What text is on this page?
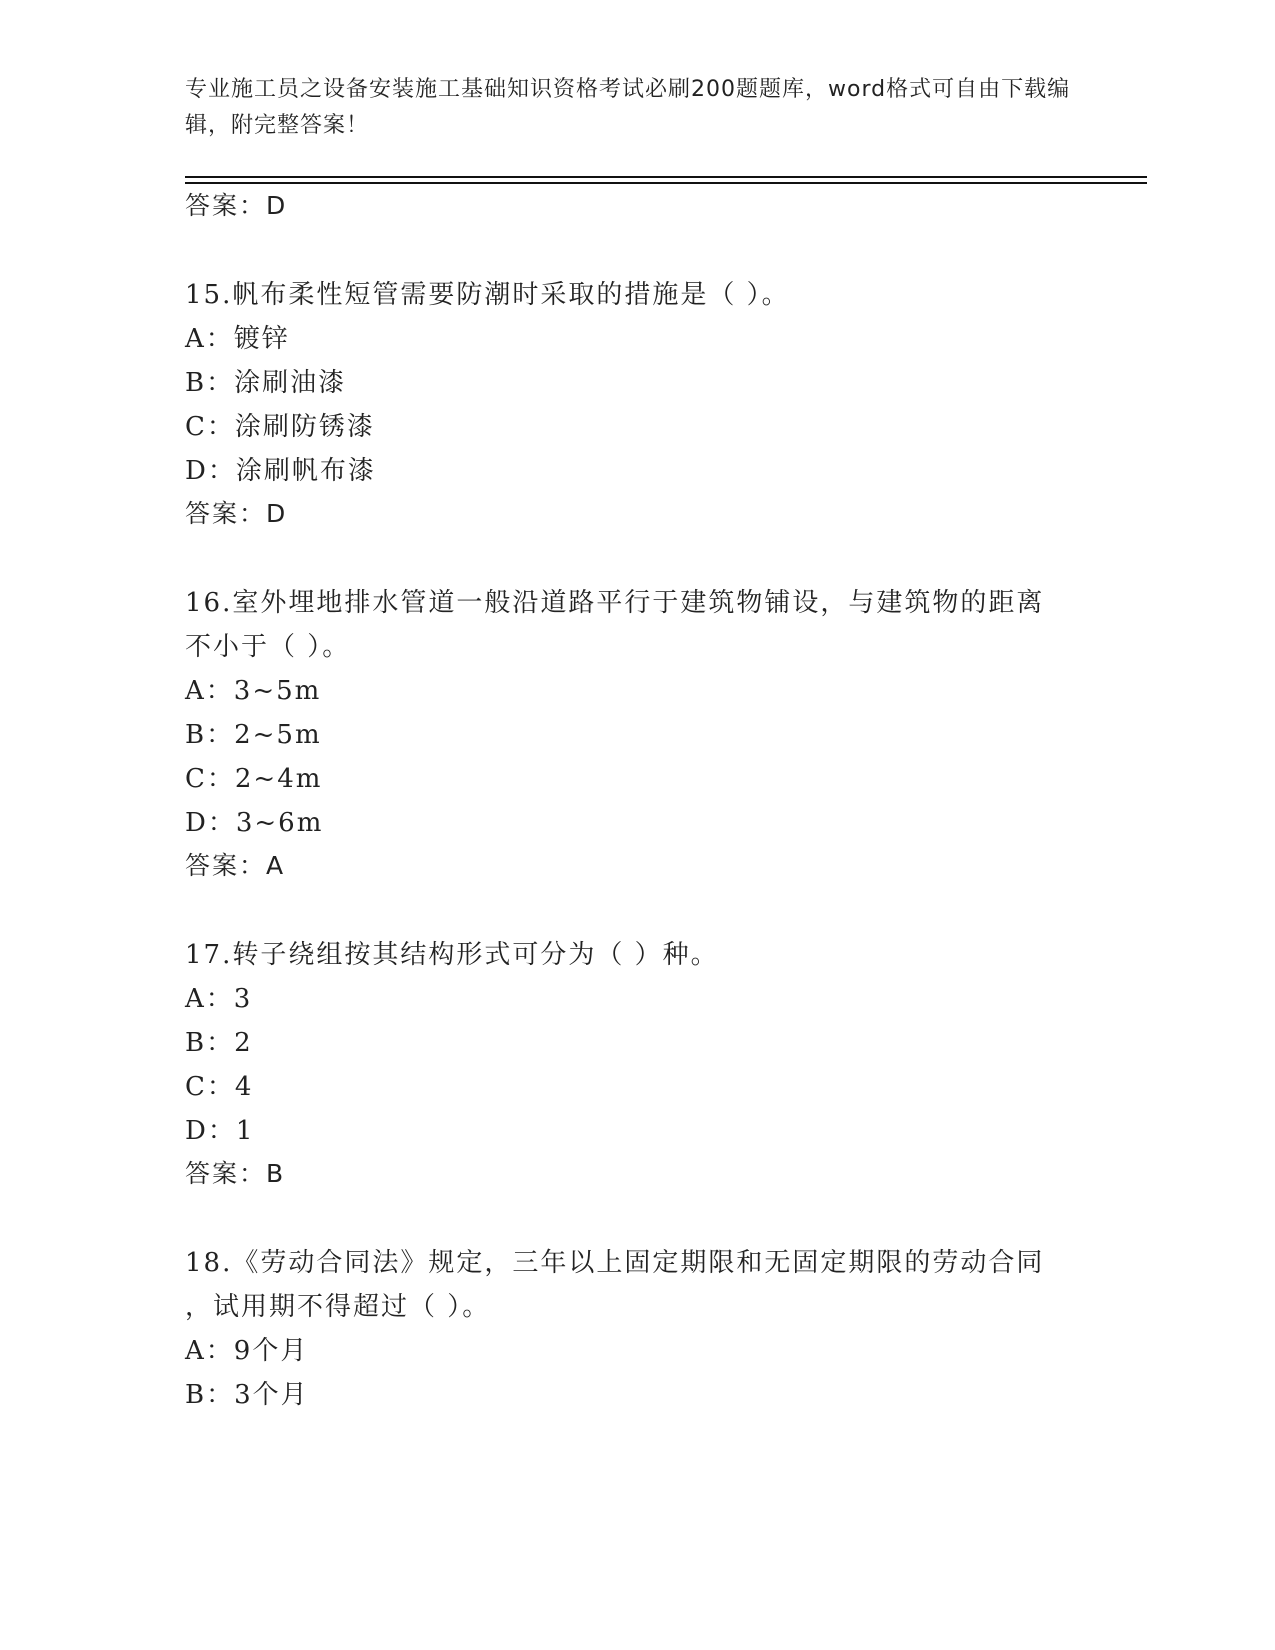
专业施工员之设备安装施工基础知识资格考试必刷200题题库，word格式可自由下载编辑，附完整答案！

答案：D

15.帆布柔性短管需要防潮时采取的措施是（ ）。

A：镀锌

B：涂刷油漆

C：涂刷防锈漆

D：涂刷帆布漆

答案：D

16.室外埋地排水管道一般沿道路平行于建筑物铺设，与建筑物的距离

不小于（ ）。

A：3~5m

B：2~5m

C：2~4m

D：3~6m

答案：A

17.转子绕组按其结构形式可分为（ ）种。

A：3

B：2

C：4

D：1

答案：B

18.《劳动合同法》规定，三年以上固定期限和无固定期限的劳动合同

，试用期不得超过（ ）。

A：9个月

B：3个月
